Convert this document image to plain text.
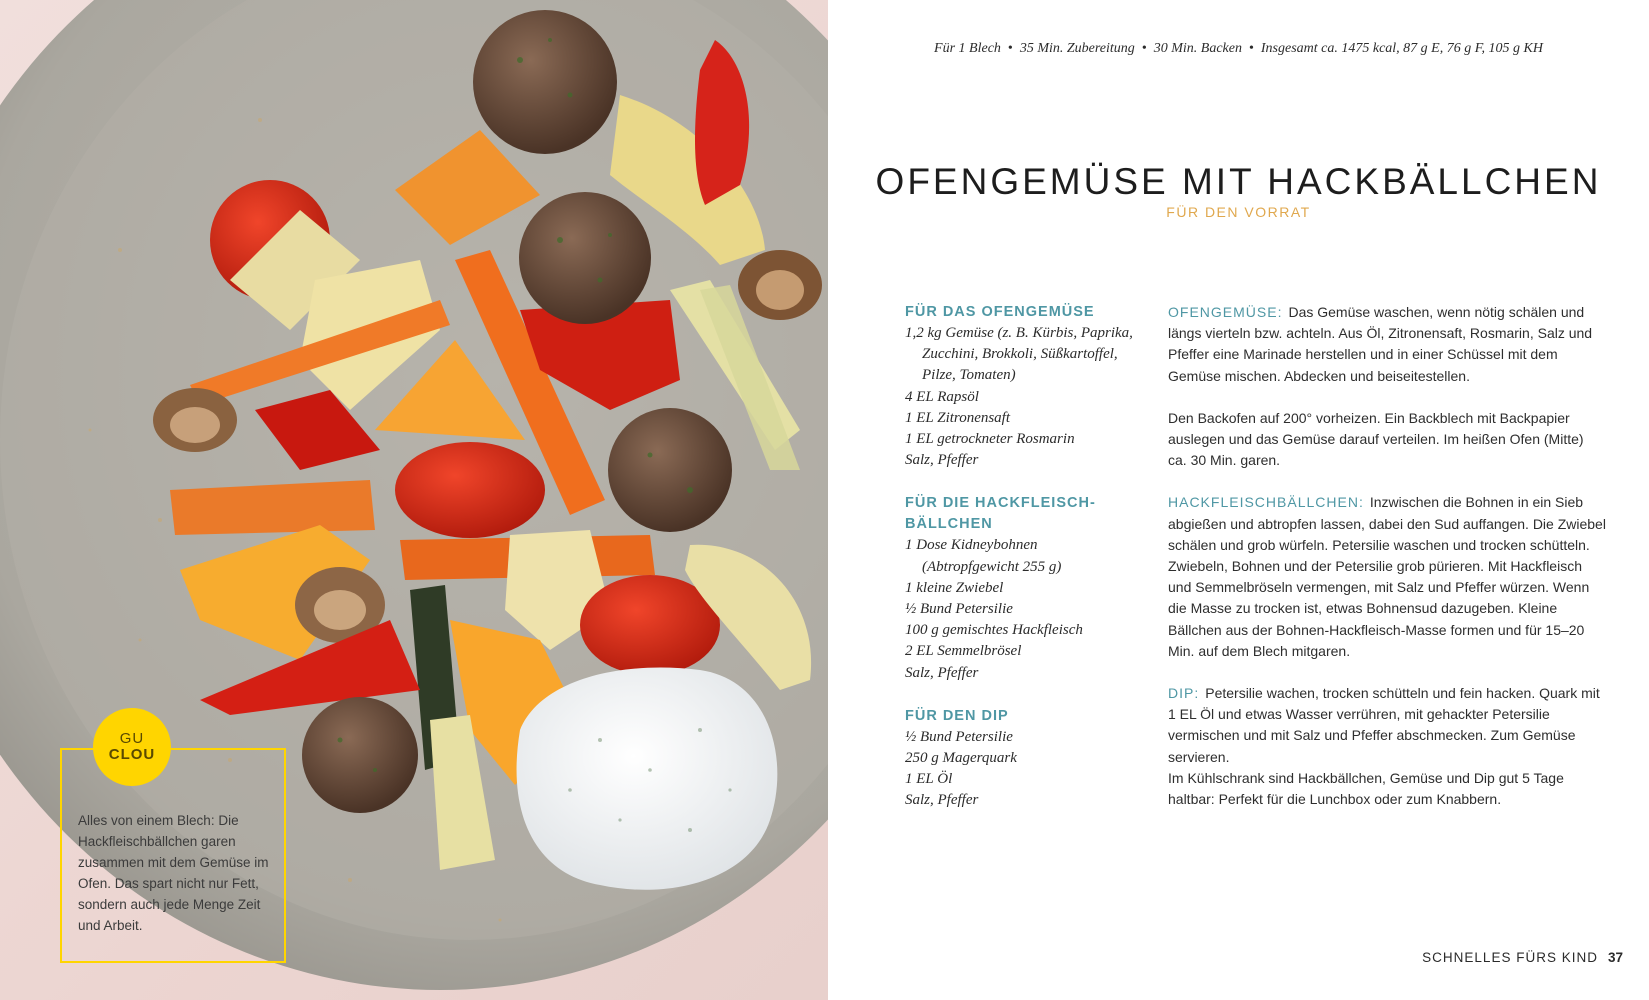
GU
CLOU
Alles von einem Blech: Die Hackfleischbällchen garen zusammen mit dem Gemüse im Ofen. Das spart nicht nur Fett, sondern auch jede Menge Zeit und Arbeit.
Für 1 Blech • 35 Min. Zubereitung • 30 Min. Backen • Insgesamt ca. 1475 kcal, 87 g E, 76 g F, 105 g KH
OFENGEMÜSE MIT HACKBÄLLCHEN
FÜR DEN VORRAT
FÜR DAS OFENGEMÜSE
1,2 kg Gemüse (z. B. Kürbis, Paprika, Zucchini, Brokkoli, Süßkartoffel, Pilze, Tomaten)
4 EL Rapsöl
1 EL Zitronensaft
1 EL getrockneter Rosmarin
Salz, Pfeffer
FÜR DIE HACKFLEISCHBÄLLCHEN
1 Dose Kidneybohnen (Abtropfgewicht 255 g)
1 kleine Zwiebel
½ Bund Petersilie
100 g gemischtes Hackfleisch
2 EL Semmelbrösel
Salz, Pfeffer
FÜR DEN DIP
½ Bund Petersilie
250 g Magerquark
1 EL Öl
Salz, Pfeffer

OFENGEMÜSE: Das Gemüse waschen, wenn nötig schälen und längs vierteln bzw. achteln. Aus Öl, Zitronensaft, Rosmarin, Salz und Pfeffer eine Marinade herstellen und in einer Schüssel mit dem Gemüse mischen. Abdecken und beiseitestellen.

Den Backofen auf 200° vorheizen. Ein Backblech mit Backpapier auslegen und das Gemüse darauf verteilen. Im heißen Ofen (Mitte) ca. 30 Min. garen.

HACKFLEISCHBÄLLCHEN: Inzwischen die Bohnen in ein Sieb abgießen und abtropfen lassen, dabei den Sud auffangen. Die Zwiebel schälen und grob würfeln. Petersilie waschen und trocken schütteln. Zwiebeln, Bohnen und der Petersilie grob pürieren. Mit Hackfleisch und Semmelbröseln vermengen, mit Salz und Pfeffer würzen. Wenn die Masse zu trocken ist, etwas Bohnensud dazugeben. Kleine Bällchen aus der Bohnen-Hackfleisch-Masse formen und für 15–20 Min. auf dem Blech mitgaren.

DIP: Petersilie wachen, trocken schütteln und fein hacken. Quark mit 1 EL Öl und etwas Wasser verrühren, mit gehackter Petersilie vermischen und mit Salz und Pfeffer abschmecken. Zum Gemüse servieren.

Im Kühlschrank sind Hackbällchen, Gemüse und Dip gut 5 Tage haltbar: Perfekt für die Lunchbox oder zum Knabbern.

SCHNELLES FÜRS KIND 37
